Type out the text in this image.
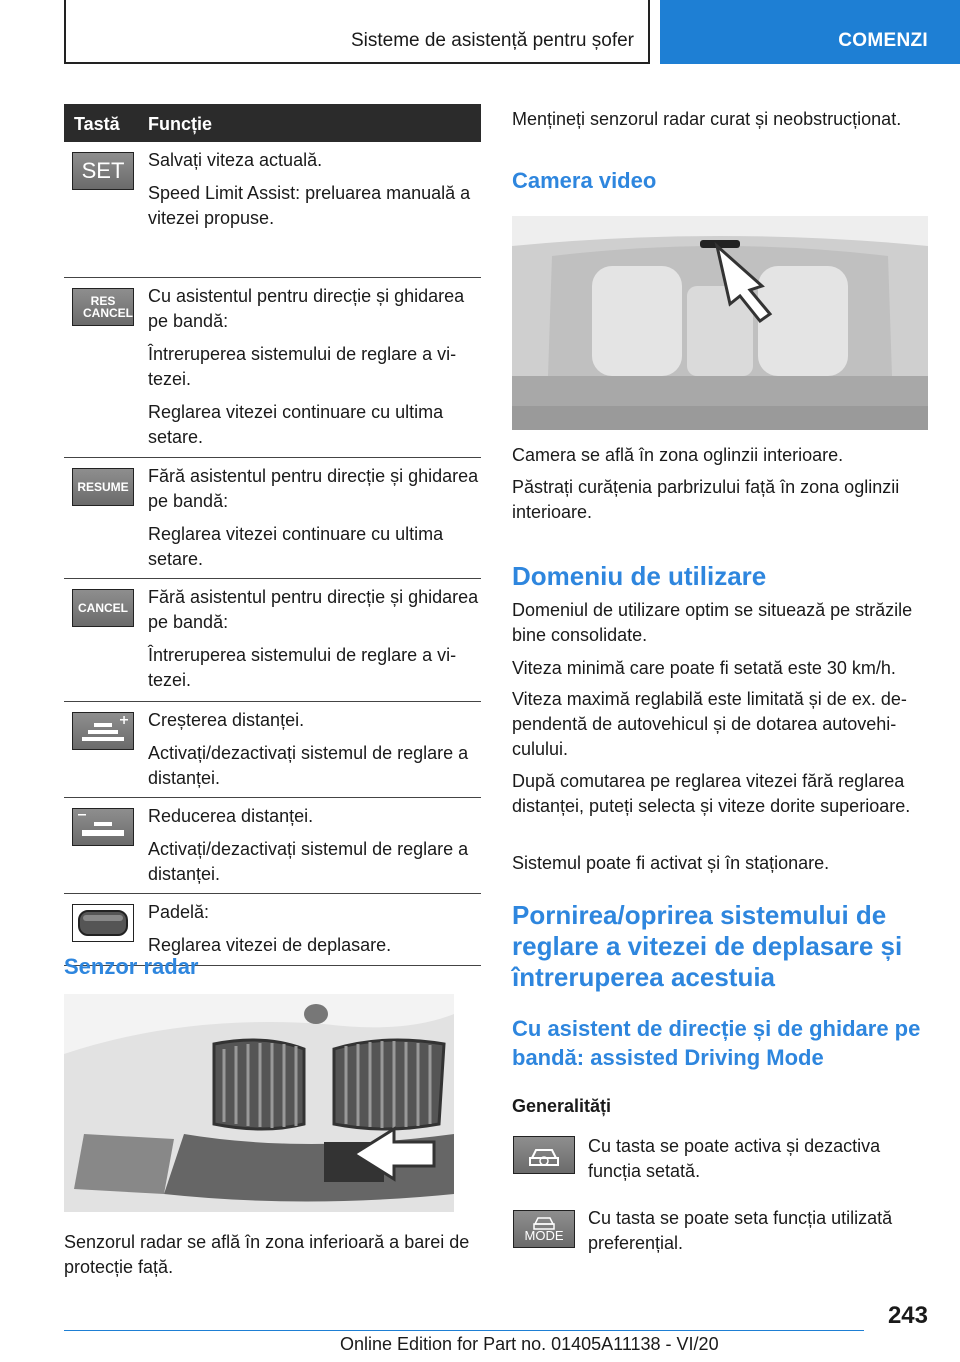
Sisteme de asistență pentru șofer	COMENZI
Tastă Funcție
SET	Salvați viteza actuală.

Speed Limit Assist: preluarea manuală a vitezei propuse.

RES CANCEL

Cu asistentul pentru direcție și ghidarea pe bandă:

Întreruperea sistemului de reglare a vitezei.

Reglarea vitezei continuare cu ultima setare.

RESUME

Fără asistentul pentru direcție și ghidarea pe bandă:

Reglarea vitezei continuare cu ultima setare.

CANCEL

Fără asistentul pentru direcție și ghidarea pe bandă:

Întreruperea sistemului de reglare a vitezei.

Creșterea distanței.

Activați/dezactivați sistemul de reglare a distanței.

Reducerea distanței.

Activați/dezactivați sistemul de reglare a distanței.

Padelă:

Reglarea vitezei de deplasare.

Senzor radar
Senzorul radar se află în zona inferioară a barei de protecție față.
Mențineți senzorul radar curat și neobstrucționat.
Camera video
Camera se află în zona oglinzii interioare.
Păstrați curățenia parbrizului față în zona oglinzii interioare.
Domeniu de utilizare
Domeniul de utilizare optim se situează pe străzile bine consolidate.
Viteza minimă care poate fi setată este 30 km/h.
Viteza maximă reglabilă este limitată și de ex. dependentă de autovehicul și de dotarea autovehiculului.
După comutarea pe reglarea vitezei fără reglarea distanței, puteți selecta și viteze dorite superioare.
Sistemul poate fi activat și în staționare.
Pornirea/oprirea sistemului de reglare a vitezei de deplasare și întreruperea acestuia
Cu asistent de direcție și de ghidare pe bandă: assisted Driving Mode
Generalități
Cu tasta se poate activa și dezactiva funcția setată.
MODE
Cu tasta se poate seta funcția utilizată preferențial.
243
Online Edition for Part no. 01405A11138 - VI/20
